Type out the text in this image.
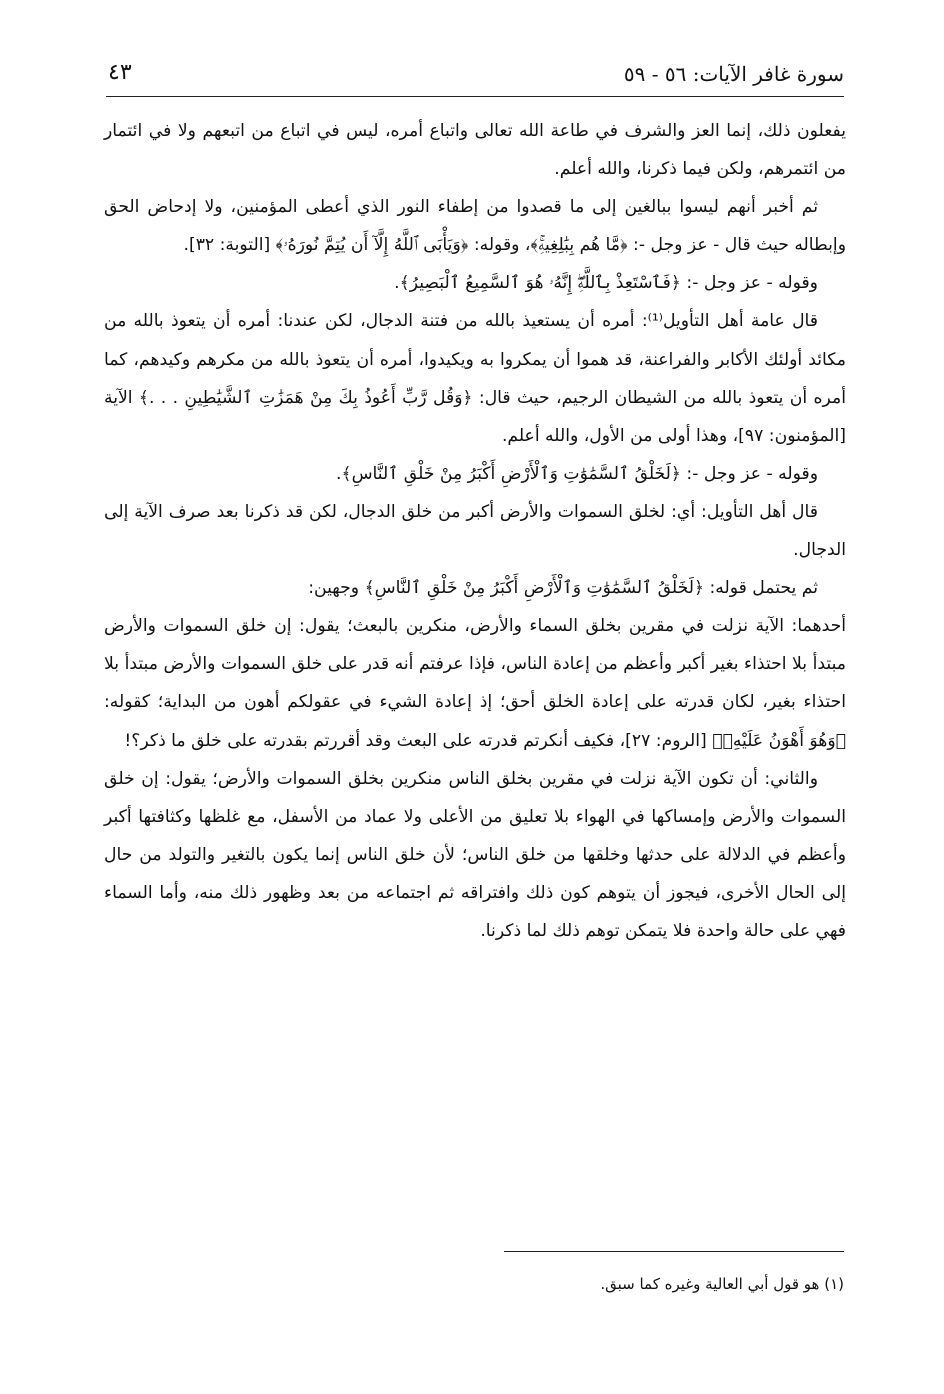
سورة غافر الآيات: ٥٦ - ٥٩
٤٣

يفعلون ذلك، إنما العز والشرف في طاعة الله تعالى واتباع أمره، ليس في اتباع من اتبعهم ولا في ائتمار من ائتمرهم، ولكن فيما ذكرنا، والله أعلم.

ثم أخبر أنهم ليسوا ببالغين إلى ما قصدوا من إطفاء النور الذي أعطى المؤمنين، ولا إدحاض الحق وإبطاله حيث قال - عز وجل -: ﴿مَّا هُم بِبَٰلِغِيهِۚ﴾، وقوله: ﴿وَيَأْبَى ٱللَّهُ إِلَّآ أَن يُتِمَّ نُورَهُۥ﴾ [التوبة: ٣٢].

وقوله - عز وجل -: ﴿فَٱسْتَعِذْ بِٱللَّهِۖ إِنَّهُۥ هُوَ ٱلسَّمِيعُ ٱلْبَصِيرُ﴾.

قال عامة أهل التأويل⁽¹⁾: أمره أن يستعيذ بالله من فتنة الدجال، لكن عندنا: أمره أن يتعوذ بالله من مكائد أولئك الأكابر والفراعنة، قد هموا أن يمكروا به ويكيدوا، أمره أن يتعوذ بالله من مكرهم وكيدهم، كما أمره أن يتعوذ بالله من الشيطان الرجيم، حيث قال: ﴿وَقُل رَّبِّ أَعُوذُ بِكَ مِنْ هَمَزَٰتِ ٱلشَّيَٰطِينِ . . .﴾ الآية [المؤمنون: ٩٧]، وهذا أولى من الأول، والله أعلم.

وقوله - عز وجل -: ﴿لَخَلْقُ ٱلسَّمَٰوَٰتِ وَٱلْأَرْضِ أَكْبَرُ مِنْ خَلْقِ ٱلنَّاسِ﴾.

قال أهل التأويل: أي: لخلق السموات والأرض أكبر من خلق الدجال، لكن قد ذكرنا بعد صرف الآية إلى الدجال.

ثم يحتمل قوله: ﴿لَخَلْقُ ٱلسَّمَٰوَٰتِ وَٱلْأَرْضِ أَكْبَرُ مِنْ خَلْقِ ٱلنَّاسِ﴾ وجهين:

أحدهما: الآية نزلت في مقرين بخلق السماء والأرض، منكرين بالبعث؛ يقول: إن خلق السموات والأرض مبتدأ بلا احتذاء بغير أكبر وأعظم من إعادة الناس، فإذا عرفتم أنه قدر على خلق السموات والأرض مبتدأ بلا احتذاء بغير، لكان قدرته على إعادة الخلق أحق؛ إذ إعادة الشيء في عقولكم أهون من البداية؛ كقوله: ﴿وَهُوَ أَهْوَنُ عَلَيْهِۚ﴾ [الروم: ٢٧]، فكيف أنكرتم قدرته على البعث وقد أقررتم بقدرته على خلق ما ذكر؟!

والثاني: أن تكون الآية نزلت في مقرين بخلق الناس منكرين بخلق السموات والأرض؛ يقول: إن خلق السموات والأرض وإمساكها في الهواء بلا تعليق من الأعلى ولا عماد من الأسفل، مع غلظها وكثافتها أكبر وأعظم في الدلالة على حدثها وخلقها من خلق الناس؛ لأن خلق الناس إنما يكون بالتغير والتولد من حال إلى الحال الأخرى، فيجوز أن يتوهم كون ذلك وافتراقه ثم اجتماعه من بعد وظهور ذلك منه، وأما السماء فهي على حالة واحدة فلا يتمكن توهم ذلك لما ذكرنا.

(١) هو قول أبي العالية وغيره كما سبق.
